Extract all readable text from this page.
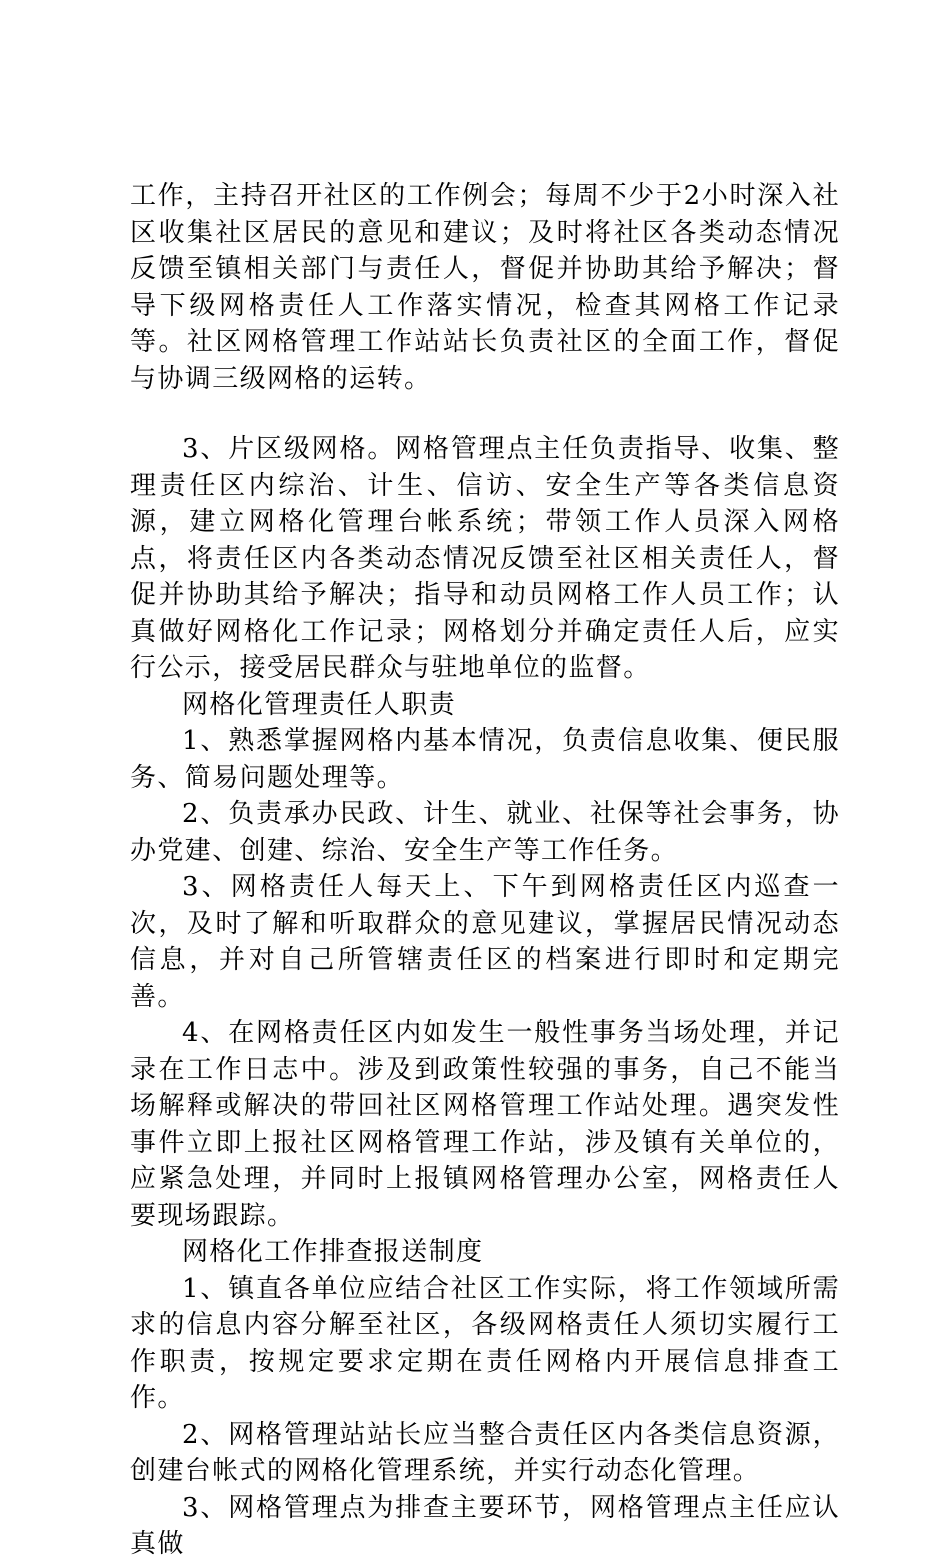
工作，主持召开社区的工作例会；每周不少于2小时深入社区收集社区居民的意见和建议；及时将社区各类动态情况反馈至镇相关部门与责任人，督促并协助其给予解决；督导下级网格责任人工作落实情况，检查其网格工作记录等。社区网格管理工作站站长负责社区的全面工作，督促与协调三级网格的运转。

3、片区级网格。网格管理点主任负责指导、收集、整理责任区内综治、计生、信访、安全生产等各类信息资源，建立网格化管理台帐系统；带领工作人员深入网格点，将责任区内各类动态情况反馈至社区相关责任人，督促并协助其给予解决；指导和动员网格工作人员工作；认真做好网格化工作记录；网格划分并确定责任人后，应实行公示，接受居民群众与驻地单位的监督。

网格化管理责任人职责

1、熟悉掌握网格内基本情况，负责信息收集、便民服务、简易问题处理等。

2、负责承办民政、计生、就业、社保等社会事务，协办党建、创建、综治、安全生产等工作任务。

3、网格责任人每天上、下午到网格责任区内巡查一次，及时了解和听取群众的意见建议，掌握居民情况动态信息，并对自己所管辖责任区的档案进行即时和定期完善。

4、在网格责任区内如发生一般性事务当场处理，并记录在工作日志中。涉及到政策性较强的事务，自己不能当场解释或解决的带回社区网格管理工作站处理。遇突发性事件立即上报社区网格管理工作站，涉及镇有关单位的，应紧急处理，并同时上报镇网格管理办公室，网格责任人要现场跟踪。

网格化工作排查报送制度

1、镇直各单位应结合社区工作实际，将工作领域所需求的信息内容分解至社区，各级网格责任人须切实履行工作职责，按规定要求定期在责任网格内开展信息排查工作。

2、网格管理站站长应当整合责任区内各类信息资源，创建台帐式的网格化管理系统，并实行动态化管理。

3、网格管理点为排查主要环节，网格管理点主任应认真做
